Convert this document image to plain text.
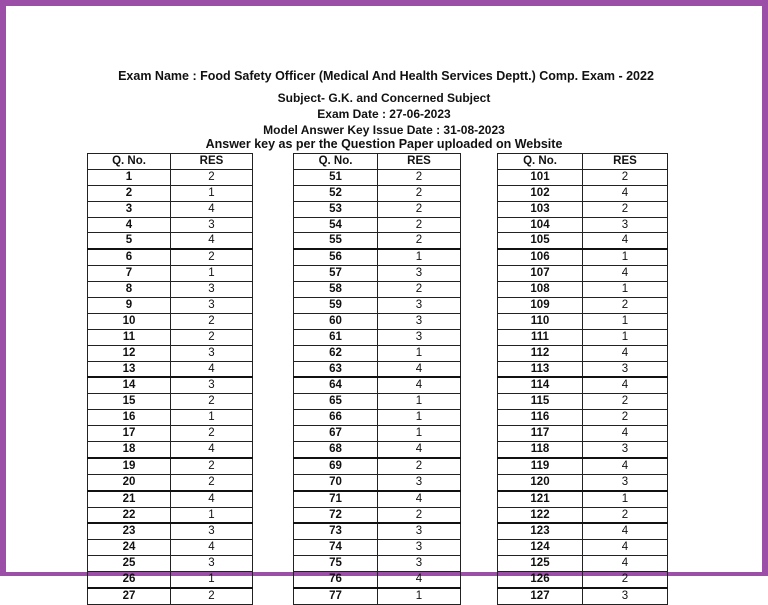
Exam Name : Food Safety Officer (Medical And Health Services Deptt.) Comp. Exam - 2022
Subject- G.K. and Concerned Subject
Exam Date : 27-06-2023
Model Answer Key Issue Date : 31-08-2023
Answer key as per the Question Paper uploaded on Website
Q. No.	RES
1	2
2	1
3	4
4	3
5	4
6	2
7	1
8	3
9	3
10	2
11	2
12	3
13	4
14	3
15	2
16	1
17	2
18	4
19	2
20	2
21	4
22	1
23	3
24	4
25	3
26	1
27	2
Q. No.	RES
51	2
52	2
53	2
54	2
55	2
56	1
57	3
58	2
59	3
60	3
61	3
62	1
63	4
64	4
65	1
66	1
67	1
68	4
69	2
70	3
71	4
72	2
73	3
74	3
75	3
76	4
77	1
Q. No.	RES
101	2
102	4
103	2
104	3
105	4
106	1
107	4
108	1
109	2
110	1
111	1
112	4
113	3
114	4
115	2
116	2
117	4
118	3
119	4
120	3
121	1
122	2
123	4
124	4
125	4
126	2
127	3
